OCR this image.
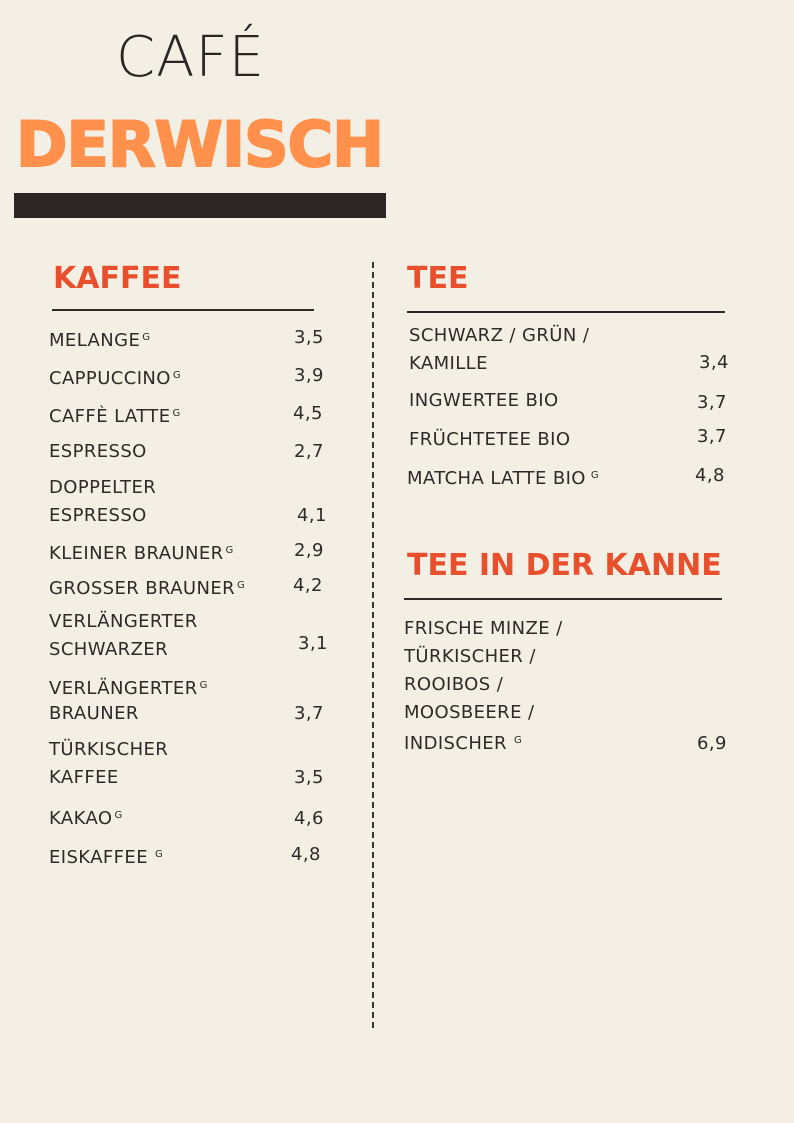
CAFÉ
DERWISCH
KAFFEE
MELANGE $^G$	3,5
CAPPUCCINO $^G$	3,9
CAFFÈ LATTE $^G$	4,5
ESPRESSO	2,7
DOPPELTER
ESPRESSO	4,1
KLEINER BRAUNER $^G$	2,9
GROSSER BRAUNER $^G$	4,2
VERLÄNGERTER
SCHWARZER	3,1
VERLÄNGERTER $^G$
BRAUNER	3,7
TÜRKISCHER
KAFFEE	3,5
KAKAO $^G$	4,6
EISKAFFEE $^G$	4,8
TEE
SCHWARZ / GRÜN /
KAMILLE	3,4
INGWERTEE BIO	3,7
FRÜCHTETEE BIO	3,7
MATCHA LATTE BIO $^G$	4,8
TEE IN DER KANNE
FRISCHE MINZE /
TÜRKISCHER /
ROOIBOS /
MOOSBEERE /
INDISCHER $^G$	6,9
